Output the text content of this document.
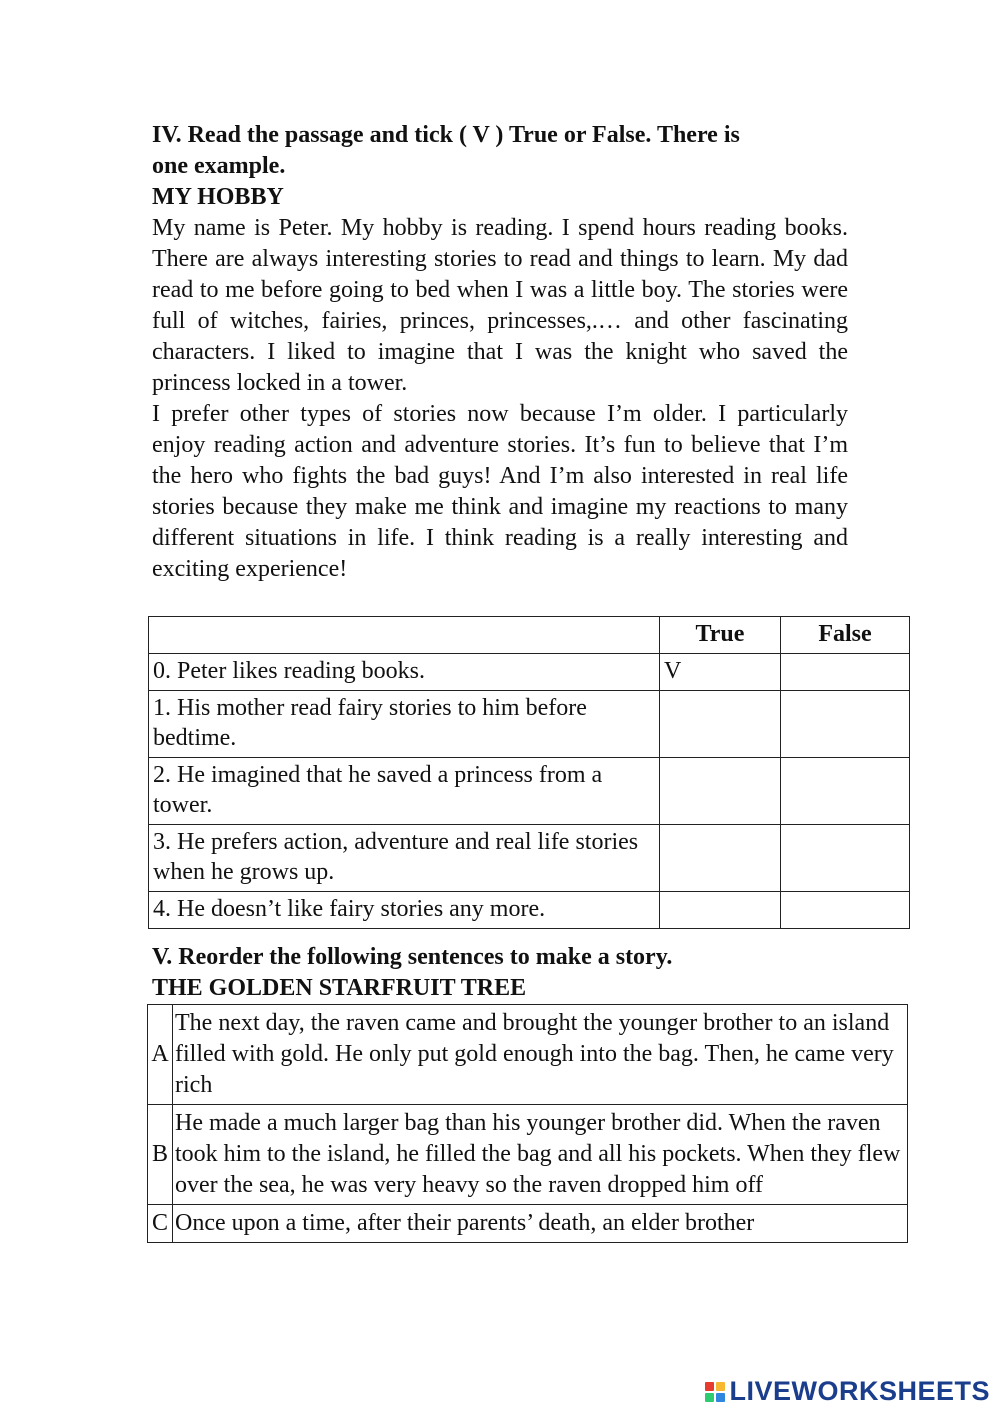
IV. Read the passage and tick ( V ) True or False. There is
one example.
MY HOBBY
My name is Peter. My hobby is reading. I spend hours reading books. There are always interesting stories to read and things to learn. My dad read to me before going to bed when I was a little boy. The stories were full of witches, fairies, princes, princesses,.… and other fascinating characters. I liked to imagine that I was the knight who saved the princess locked in a tower.
I prefer other types of stories now because I’m older. I particularly enjoy reading action and adventure stories. It’s fun to believe that I’m the hero who fights the bad guys! And I’m also interested in real life stories because they make me think and imagine my reactions to many different situations in life. I think reading is a really interesting and exciting experience!
	True	False
0. Peter likes reading books.	V	
1. His mother read fairy stories to him before bedtime.		
2. He imagined that he saved a princess from a tower.		
3. He prefers action, adventure and real life stories when he grows up.		
4. He doesn’t like fairy stories any more.		
V. Reorder the following sentences to make a story.
THE GOLDEN STARFRUIT TREE
A	The next day, the raven came and brought the younger brother to an island filled with gold. He only put gold enough into the bag. Then, he came very rich
B	He made a much larger bag than his younger brother did. When the raven took him to the island, he filled the bag and all his pockets. When they flew over the sea, he was very heavy so the raven dropped him off
C	Once upon a time, after their parents’ death, an elder brother
LIVEWORKSHEETS
